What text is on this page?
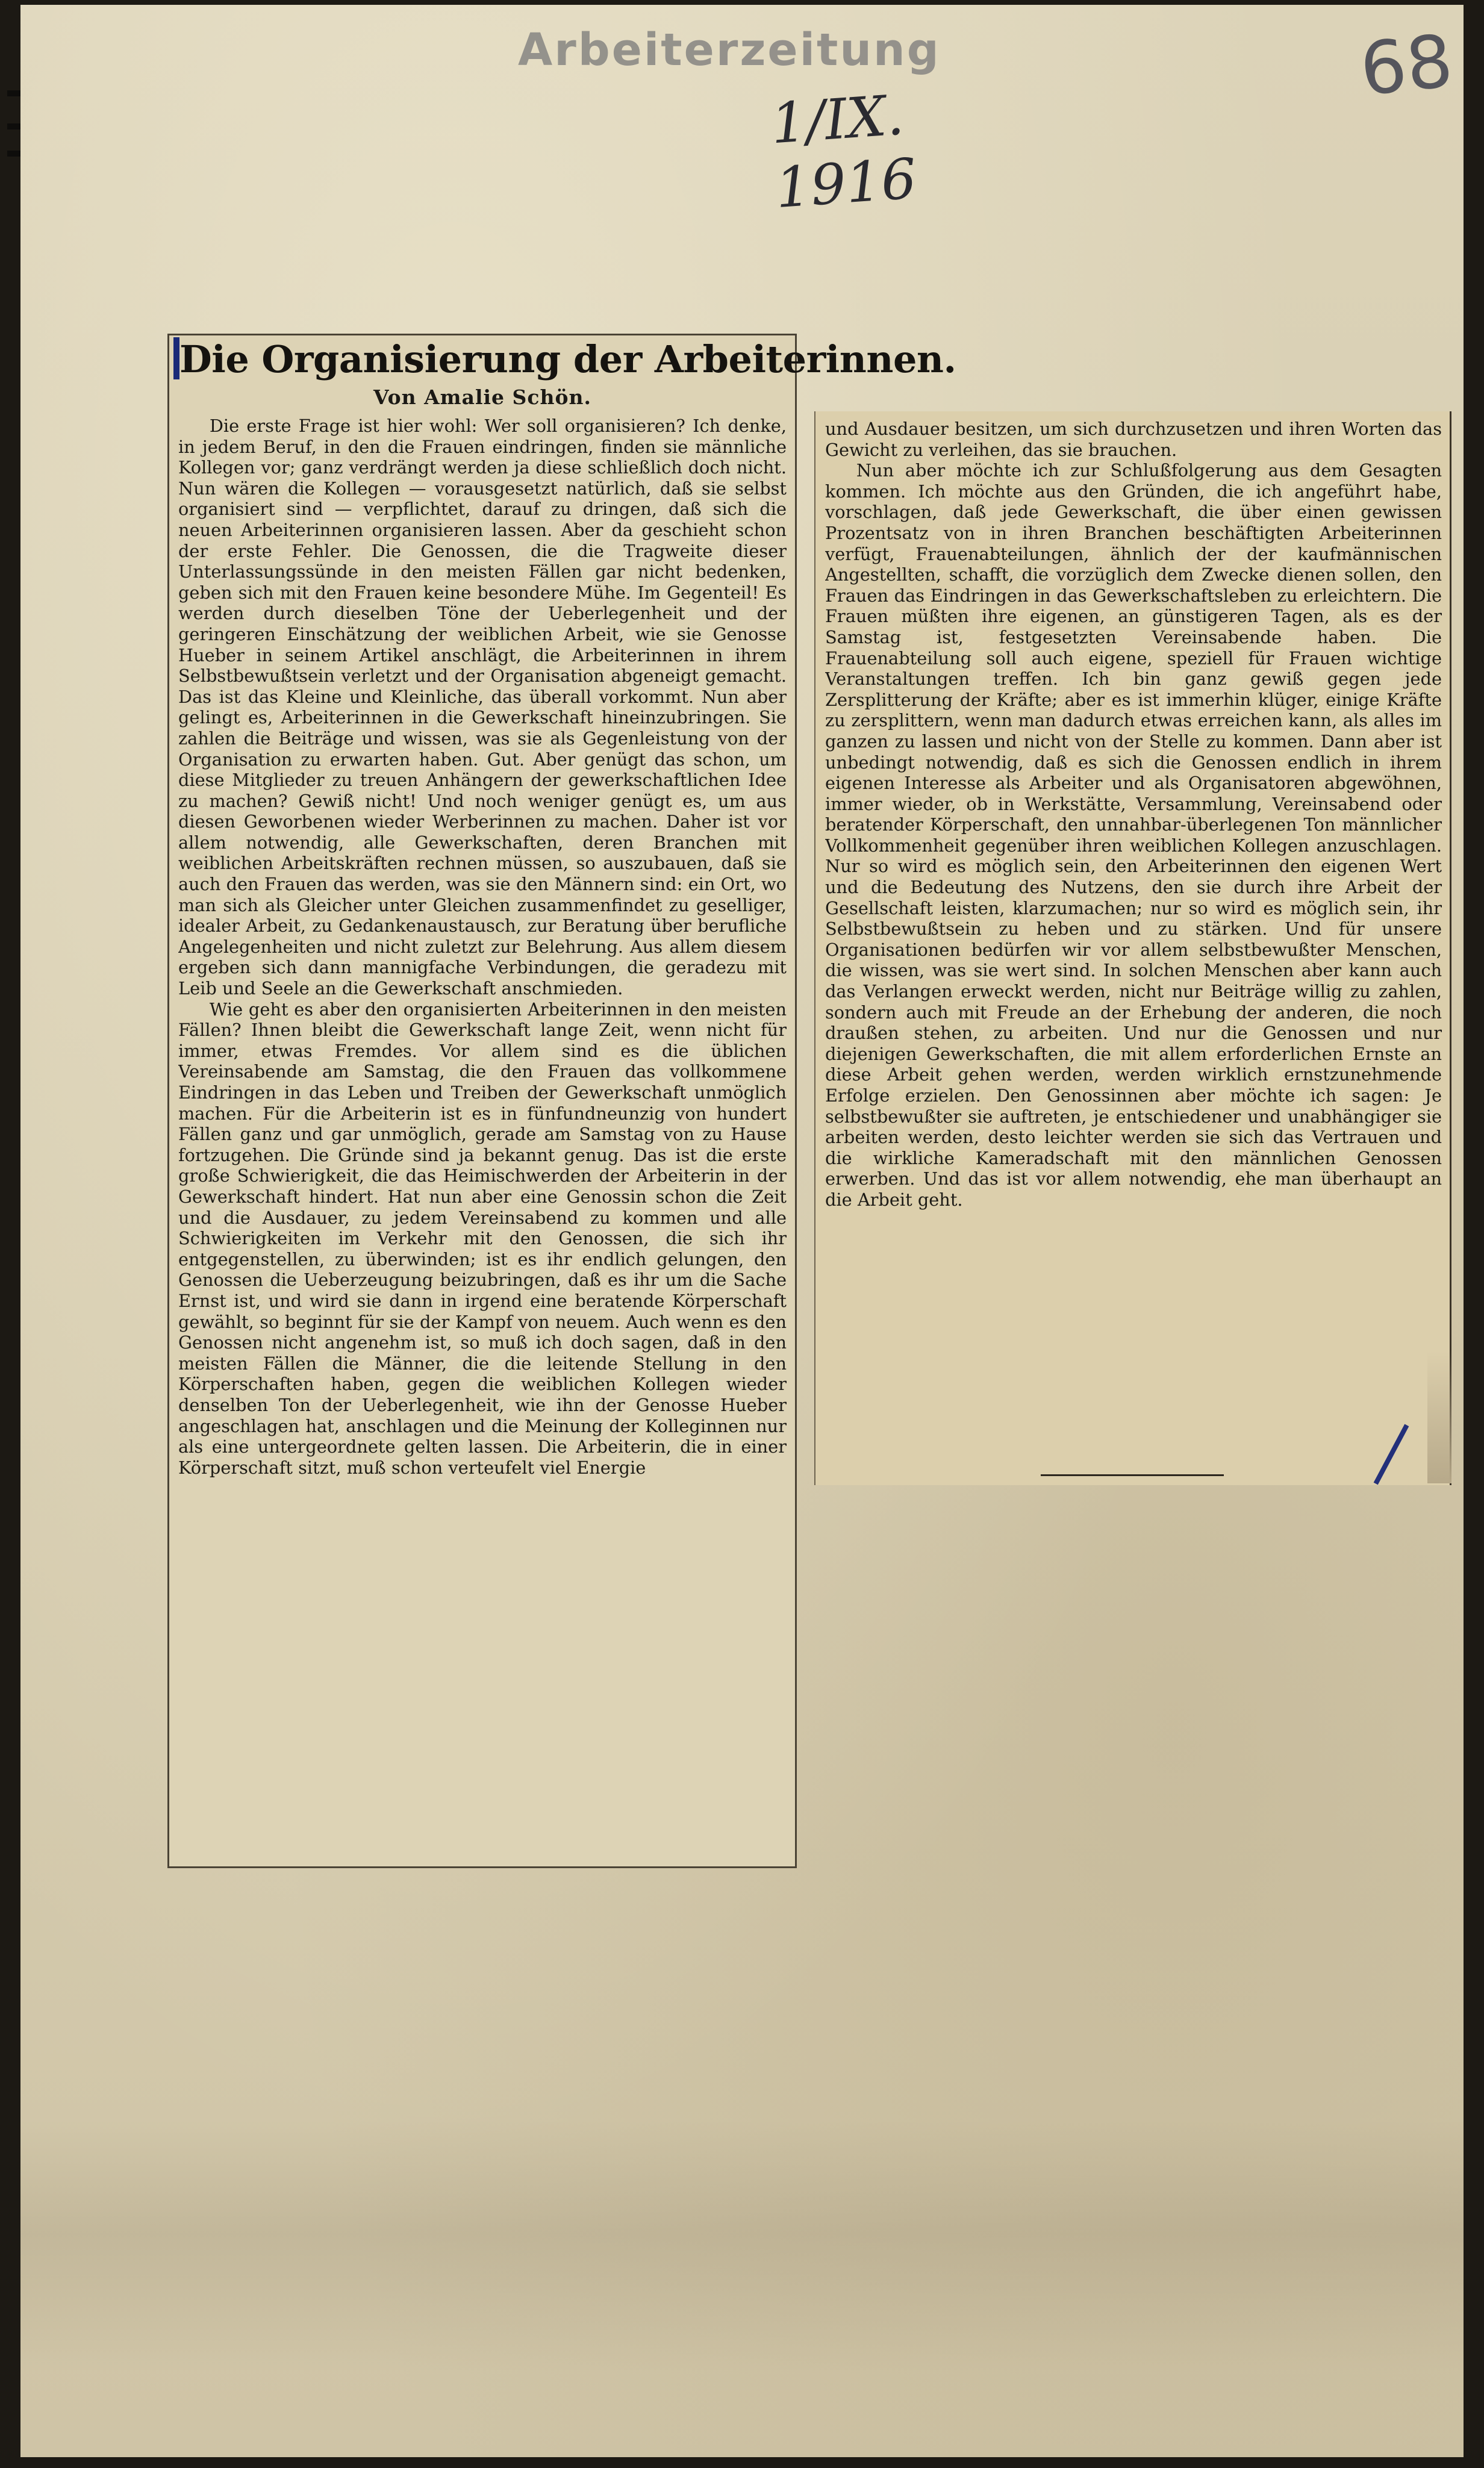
Arbeiterzeitung
1/IX. 1916
68
Die Organisierung der Arbeiterinnen.
Von Amalie Schön.

Die erste Frage ist hier wohl: Wer soll organisieren? Ich denke, in jedem Beruf, in den die Frauen eindringen, finden sie männliche Kollegen vor; ganz verdrängt werden ja diese schließlich doch nicht. Nun wären die Kollegen — vorausgesetzt natürlich, daß sie selbst organisiert sind — verpflichtet, darauf zu dringen, daß sich die neuen Arbeiterinnen organisieren lassen. Aber da geschieht schon der erste Fehler. Die Genossen, die die Tragweite dieser Unterlassungssünde in den meisten Fällen gar nicht bedenken, geben sich mit den Frauen keine besondere Mühe. Im Gegenteil! Es werden durch dieselben Töne der Ueberlegenheit und der geringeren Einschätzung der weiblichen Arbeit, wie sie Genosse Hueber in seinem Artikel anschlägt, die Arbeiterinnen in ihrem Selbstbewußtsein verletzt und der Organisation abgeneigt gemacht. Das ist das Kleine und Kleinliche, das überall vorkommt. Nun aber gelingt es, Arbeiterinnen in die Gewerkschaft hineinzubringen. Sie zahlen die Beiträge und wissen, was sie als Gegenleistung von der Organisation zu erwarten haben. Gut. Aber genügt das schon, um diese Mitglieder zu treuen Anhängern der gewerkschaftlichen Idee zu machen? Gewiß nicht! Und noch weniger genügt es, um aus diesen Geworbenen wieder Werberinnen zu machen. Daher ist vor allem notwendig, alle Gewerkschaften, deren Branchen mit weiblichen Arbeitskräften rechnen müssen, so auszubauen, daß sie auch den Frauen das werden, was sie den Männern sind: ein Ort, wo man sich als Gleicher unter Gleichen zusammenfindet zu geselliger, idealer Arbeit, zu Gedankenaustausch, zur Beratung über berufliche Angelegenheiten und nicht zuletzt zur Belehrung. Aus allem diesem ergeben sich dann mannigfache Verbindungen, die geradezu mit Leib und Seele an die Gewerkschaft anschmieden.

Wie geht es aber den organisierten Arbeiterinnen in den meisten Fällen? Ihnen bleibt die Gewerkschaft lange Zeit, wenn nicht für immer, etwas Fremdes. Vor allem sind es die üblichen Vereinsabende am Samstag, die den Frauen das vollkommene Eindringen in das Leben und Treiben der Gewerkschaft unmöglich machen. Für die Arbeiterin ist es in fünfundneunzig von hundert Fällen ganz und gar unmöglich, gerade am Samstag von zu Hause fortzugehen. Die Gründe sind ja bekannt genug. Das ist die erste große Schwierigkeit, die das Heimischwerden der Arbeiterin in der Gewerkschaft hindert. Hat nun aber eine Genossin schon die Zeit und die Ausdauer, zu jedem Vereinsabend zu kommen und alle Schwierigkeiten im Verkehr mit den Genossen, die sich ihr entgegenstellen, zu überwinden; ist es ihr endlich gelungen, den Genossen die Ueberzeugung beizubringen, daß es ihr um die Sache Ernst ist, und wird sie dann in irgend eine beratende Körperschaft gewählt, so beginnt für sie der Kampf von neuem. Auch wenn es den Genossen nicht angenehm ist, so muß ich doch sagen, daß in den meisten Fällen die Männer, die die leitende Stellung in den Körperschaften haben, gegen die weiblichen Kollegen wieder denselben Ton der Ueberlegenheit, wie ihn der Genosse Hueber angeschlagen hat, anschlagen und die Meinung der Kolleginnen nur als eine untergeordnete gelten lassen. Die Arbeiterin, die in einer Körperschaft sitzt, muß schon verteufelt viel Energie

und Ausdauer besitzen, um sich durchzusetzen und ihren Worten das Gewicht zu verleihen, das sie brauchen.

Nun aber möchte ich zur Schlußfolgerung aus dem Gesagten kommen. Ich möchte aus den Gründen, die ich angeführt habe, vorschlagen, daß jede Gewerkschaft, die über einen gewissen Prozentsatz von in ihren Branchen beschäftigten Arbeiterinnen verfügt, Frauenabteilungen, ähnlich der der kaufmännischen Angestellten, schafft, die vorzüglich dem Zwecke dienen sollen, den Frauen das Eindringen in das Gewerkschaftsleben zu erleichtern. Die Frauen müßten ihre eigenen, an günstigeren Tagen, als es der Samstag ist, festgesetzten Vereinsabende haben. Die Frauenabteilung soll auch eigene, speziell für Frauen wichtige Veranstaltungen treffen. Ich bin ganz gewiß gegen jede Zersplitterung der Kräfte; aber es ist immerhin klüger, einige Kräfte zu zersplittern, wenn man dadurch etwas erreichen kann, als alles im ganzen zu lassen und nicht von der Stelle zu kommen. Dann aber ist unbedingt notwendig, daß es sich die Genossen endlich in ihrem eigenen Interesse als Arbeiter und als Organisatoren abgewöhnen, immer wieder, ob in Werkstätte, Versammlung, Vereinsabend oder beratender Körperschaft, den unnahbar-überlegenen Ton männlicher Vollkommenheit gegenüber ihren weiblichen Kollegen anzuschlagen. Nur so wird es möglich sein, den Arbeiterinnen den eigenen Wert und die Bedeutung des Nutzens, den sie durch ihre Arbeit der Gesellschaft leisten, klarzumachen; nur so wird es möglich sein, ihr Selbstbewußtsein zu heben und zu stärken. Und für unsere Organisationen bedürfen wir vor allem selbstbewußter Menschen, die wissen, was sie wert sind. In solchen Menschen aber kann auch das Verlangen erweckt werden, nicht nur Beiträge willig zu zahlen, sondern auch mit Freude an der Erhebung der anderen, die noch draußen stehen, zu arbeiten. Und nur die Genossen und nur diejenigen Gewerkschaften, die mit allem erforderlichen Ernste an diese Arbeit gehen werden, werden wirklich ernstzunehmende Erfolge erzielen. Den Genossinnen aber möchte ich sagen: Je selbstbewußter sie auftreten, je entschiedener und unabhängiger sie arbeiten werden, desto leichter werden sie sich das Vertrauen und die wirkliche Kameradschaft mit den männlichen Genossen erwerben. Und das ist vor allem notwendig, ehe man überhaupt an die Arbeit geht.
